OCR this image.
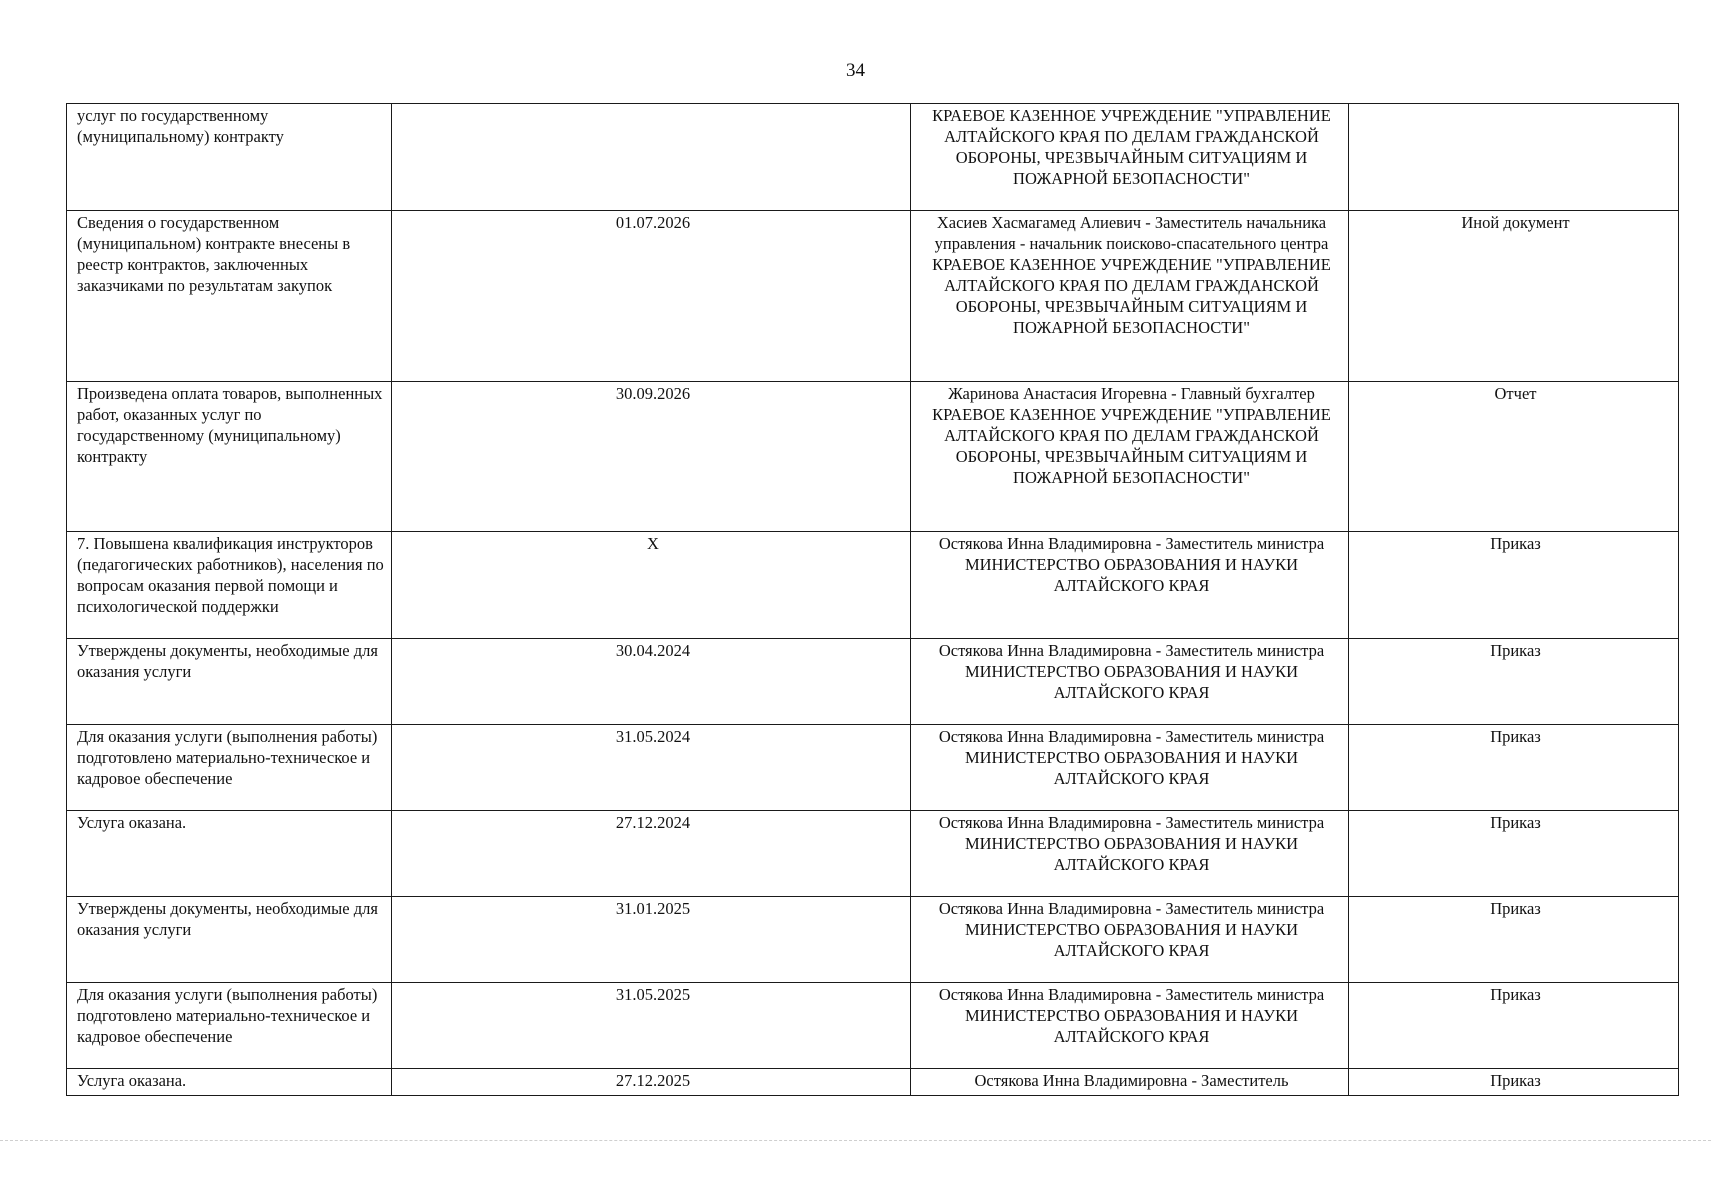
34
услуг по государственному (муниципальному) контракту		КРАЕВОЕ КАЗЕННОЕ УЧРЕЖДЕНИЕ "УПРАВЛЕНИЕ АЛТАЙСКОГО КРАЯ ПО ДЕЛАМ ГРАЖДАНСКОЙ ОБОРОНЫ, ЧРЕЗВЫЧАЙНЫМ СИТУАЦИЯМ И ПОЖАРНОЙ БЕЗОПАСНОСТИ"	
Сведения о государственном (муниципальном) контракте внесены в реестр контрактов, заключенных заказчиками по результатам закупок	01.07.2026	Хасиев Хасмагамед Алиевич - Заместитель начальника управления - начальник поисково-спасательного центра КРАЕВОЕ КАЗЕННОЕ УЧРЕЖДЕНИЕ "УПРАВЛЕНИЕ АЛТАЙСКОГО КРАЯ ПО ДЕЛАМ ГРАЖДАНСКОЙ ОБОРОНЫ, ЧРЕЗВЫЧАЙНЫМ СИТУАЦИЯМ И ПОЖАРНОЙ БЕЗОПАСНОСТИ"	Иной документ
Произведена оплата товаров, выполненных работ, оказанных услуг по государственному (муниципальному) контракту	30.09.2026	Жаринова Анастасия Игоревна - Главный бухгалтер КРАЕВОЕ КАЗЕННОЕ УЧРЕЖДЕНИЕ "УПРАВЛЕНИЕ АЛТАЙСКОГО КРАЯ ПО ДЕЛАМ ГРАЖДАНСКОЙ ОБОРОНЫ, ЧРЕЗВЫЧАЙНЫМ СИТУАЦИЯМ И ПОЖАРНОЙ БЕЗОПАСНОСТИ"	Отчет
7. Повышена квалификация инструкторов (педагогических работников), населения по вопросам оказания первой помощи и психологической поддержки	X	Остякова Инна Владимировна - Заместитель министра МИНИСТЕРСТВО ОБРАЗОВАНИЯ И НАУКИ АЛТАЙСКОГО КРАЯ	Приказ
Утверждены документы, необходимые для оказания услуги	30.04.2024	Остякова Инна Владимировна - Заместитель министра МИНИСТЕРСТВО ОБРАЗОВАНИЯ И НАУКИ АЛТАЙСКОГО КРАЯ	Приказ
Для оказания услуги (выполнения работы) подготовлено материально-техническое и кадровое обеспечение	31.05.2024	Остякова Инна Владимировна - Заместитель министра МИНИСТЕРСТВО ОБРАЗОВАНИЯ И НАУКИ АЛТАЙСКОГО КРАЯ	Приказ
Услуга оказана.	27.12.2024	Остякова Инна Владимировна - Заместитель министра МИНИСТЕРСТВО ОБРАЗОВАНИЯ И НАУКИ АЛТАЙСКОГО КРАЯ	Приказ
Утверждены документы, необходимые для оказания услуги	31.01.2025	Остякова Инна Владимировна - Заместитель министра МИНИСТЕРСТВО ОБРАЗОВАНИЯ И НАУКИ АЛТАЙСКОГО КРАЯ	Приказ
Для оказания услуги (выполнения работы) подготовлено материально-техническое и кадровое обеспечение	31.05.2025	Остякова Инна Владимировна - Заместитель министра МИНИСТЕРСТВО ОБРАЗОВАНИЯ И НАУКИ АЛТАЙСКОГО КРАЯ	Приказ
Услуга оказана.	27.12.2025	Остякова Инна Владимировна - Заместитель	Приказ
